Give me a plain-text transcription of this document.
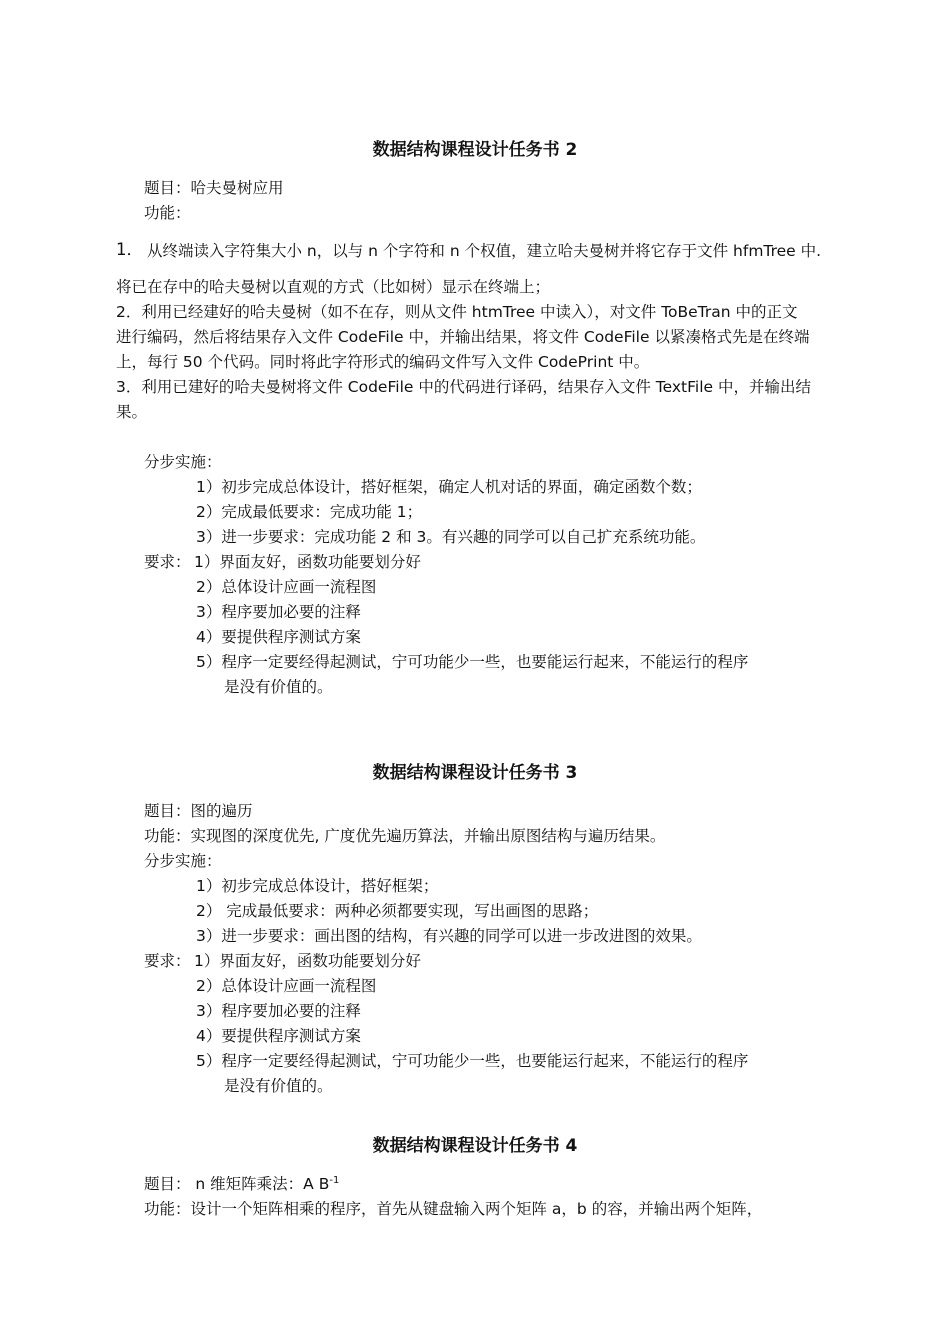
数据结构课程设计任务书 2
题目：哈夫曼树应用
功能：
1． 从终端读入字符集大小 n，以与 n 个字符和 n 个权值，建立哈夫曼树并将它存于文件 hfmTree 中.
将已在存中的哈夫曼树以直观的方式（比如树）显示在终端上；
2．利用已经建好的哈夫曼树（如不在存，则从文件 htmTree 中读入），对文件 ToBeTran 中的正文
进行编码，然后将结果存入文件 CodeFile 中，并输出结果，将文件 CodeFile 以紧凑格式先是在终端
上，每行 50 个代码。同时将此字符形式的编码文件写入文件 CodePrint 中。
3．利用已建好的哈夫曼树将文件 CodeFile 中的代码进行译码，结果存入文件 TextFile 中，并输出结
果。
分步实施：
1）初步完成总体设计，搭好框架，确定人机对话的界面，确定函数个数；
2）完成最低要求：完成功能 1；
3）进一步要求：完成功能 2 和 3。有兴趣的同学可以自己扩充系统功能。
要求： 1）界面友好，函数功能要划分好
2）总体设计应画一流程图
3）程序要加必要的注释
4）要提供程序测试方案
5）程序一定要经得起测试，宁可功能少一些，也要能运行起来，不能运行的程序
是没有价值的。
数据结构课程设计任务书 3
题目：图的遍历
功能：实现图的深度优先, 广度优先遍历算法，并输出原图结构与遍历结果。
分步实施：
1）初步完成总体设计，搭好框架；
2） 完成最低要求：两种必须都要实现，写出画图的思路；
3）进一步要求：画出图的结构，有兴趣的同学可以进一步改进图的效果。
要求： 1）界面友好，函数功能要划分好
2）总体设计应画一流程图
3）程序要加必要的注释
4）要提供程序测试方案
5）程序一定要经得起测试，宁可功能少一些，也要能运行起来，不能运行的程序
是没有价值的。
数据结构课程设计任务书 4
题目： n 维矩阵乘法：A $B^{-1}$
功能：设计一个矩阵相乘的程序，首先从键盘输入两个矩阵 a，b 的容，并输出两个矩阵，
